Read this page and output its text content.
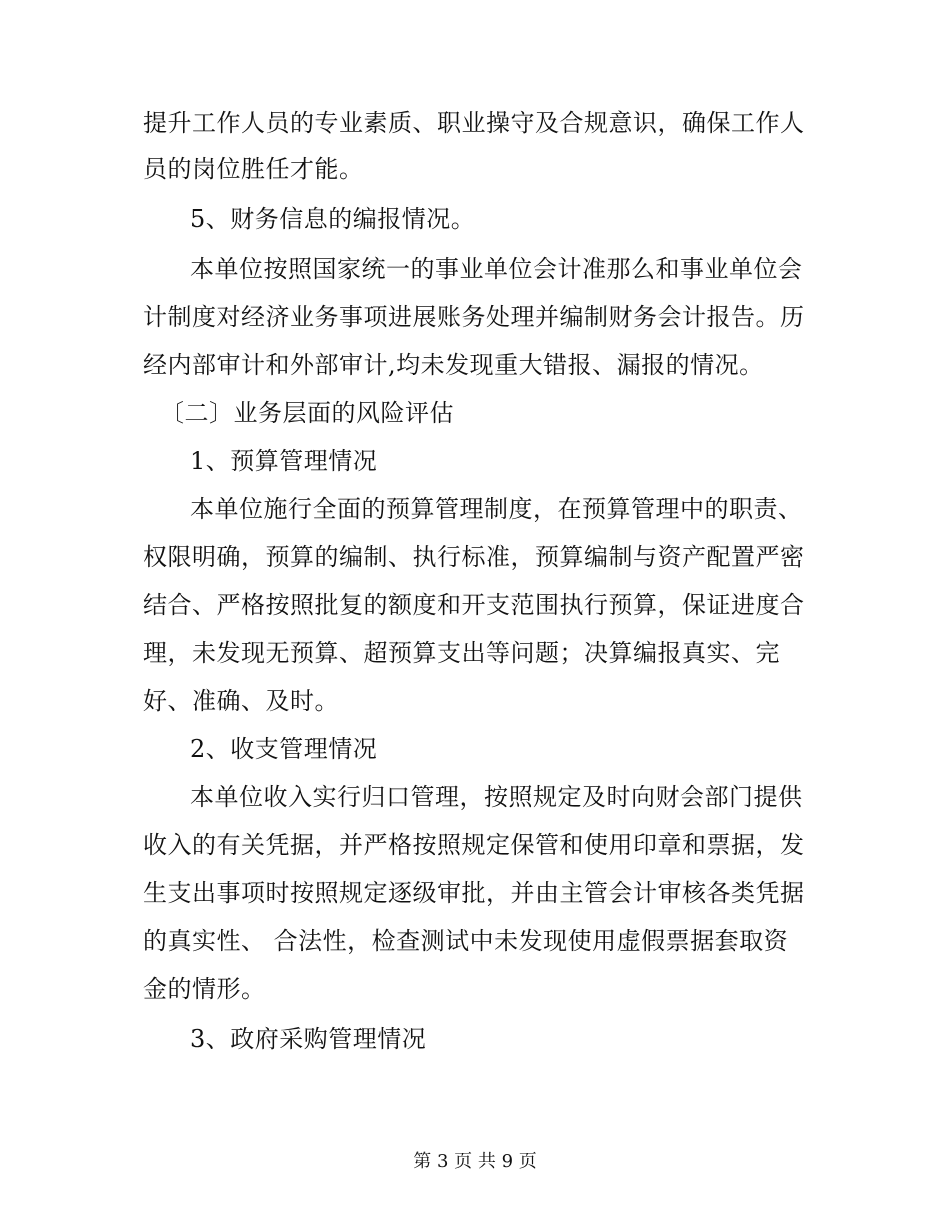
提升工作人员的专业素质、职业操守及合规意识，确保工作人
员的岗位胜任才能。
5、财务信息的编报情况。
本单位按照国家统一的事业单位会计准那么和事业单位会
计制度对经济业务事项进展账务处理并编制财务会计报告。历
经内部审计和外部审计,均未发现重大错报、漏报的情况。
〔二〕业务层面的风险评估
1、预算管理情况
本单位施行全面的预算管理制度，在预算管理中的职责、
权限明确，预算的编制、执行标准，预算编制与资产配置严密
结合、严格按照批复的额度和开支范围执行预算，保证进度合
理，未发现无预算、超预算支出等问题；决算编报真实、完
好、准确、及时。
2、收支管理情况
本单位收入实行归口管理，按照规定及时向财会部门提供
收入的有关凭据，并严格按照规定保管和使用印章和票据，发
生支出事项时按照规定逐级审批，并由主管会计审核各类凭据
的真实性、 合法性，检查测试中未发现使用虚假票据套取资
金的情形。
3、政府采购管理情况
第 3 页 共 9 页
